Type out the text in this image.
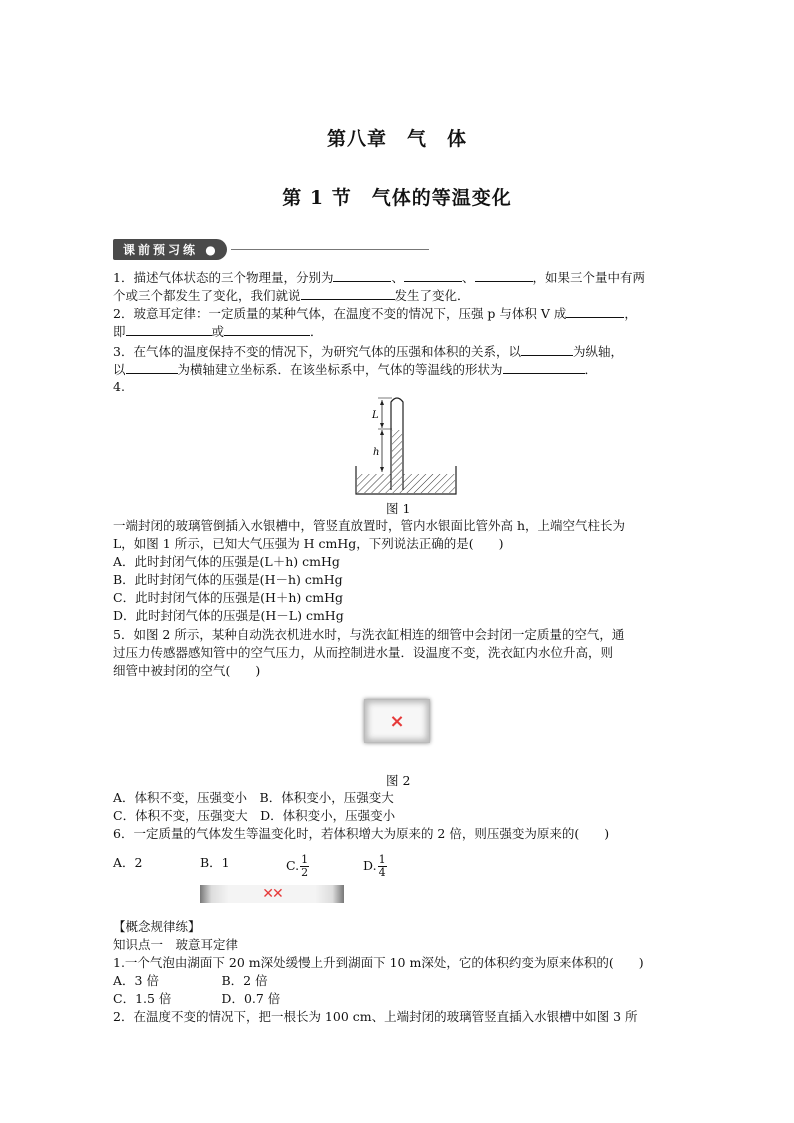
第八章　气　体
第 1 节　气体的等温变化
课前预习练 ●
1．描述气体状态的三个物理量，分别为	、	、	，如果三个量中有两
个或三个都发生了变化，我们就说	发生了变化．
2．玻意耳定律：一定质量的某种气体，在温度不变的情况下，压强 p 与体积 V 成	，
即	或	．
3．在气体的温度保持不变的情况下，为研究气体的压强和体积的关系，以	为纵轴，
以	为横轴建立坐标系．在该坐标系中，气体的等温线的形状为	．
4.
L
h
图 1
一端封闭的玻璃管倒插入水银槽中，管竖直放置时，管内水银面比管外高 h，上端空气柱长为
L，如图 1 所示，已知大气压强为 H cmHg，下列说法正确的是(　　)
A．此时封闭气体的压强是(L＋h) cmHg
B．此时封闭气体的压强是(H－h) cmHg
C．此时封闭气体的压强是(H＋h) cmHg
D．此时封闭气体的压强是(H－L) cmHg
5．如图 2 所示，某种自动洗衣机进水时，与洗衣缸相连的细管中会封闭一定质量的空气，通
过压力传感器感知管中的空气压力，从而控制进水量．设温度不变，洗衣缸内水位升高，则
细管中被封闭的空气(　　)
×
图 2
A．体积不变，压强变小　B．体积变小，压强变大
C．体积不变，压强变大　D．体积变小，压强变小
6．一定质量的气体发生等温变化时，若体积增大为原来的 2 倍，则压强变为原来的(　　)
A．2	B．1	C. $\frac{1}{2}$	D. $\frac{1}{4}$
✕✕
【概念规律练】
知识点一　玻意耳定律
1.一个气泡由湖面下 20 m深处缓慢上升到湖面下 10 m深处，它的体积约变为原来体积的(　　)
A．3 倍　　　　　B．2 倍
C．1.5 倍　　　　D．0.7 倍
2．在温度不变的情况下，把一根长为 100 cm、上端封闭的玻璃管竖直插入水银槽中如图 3 所
